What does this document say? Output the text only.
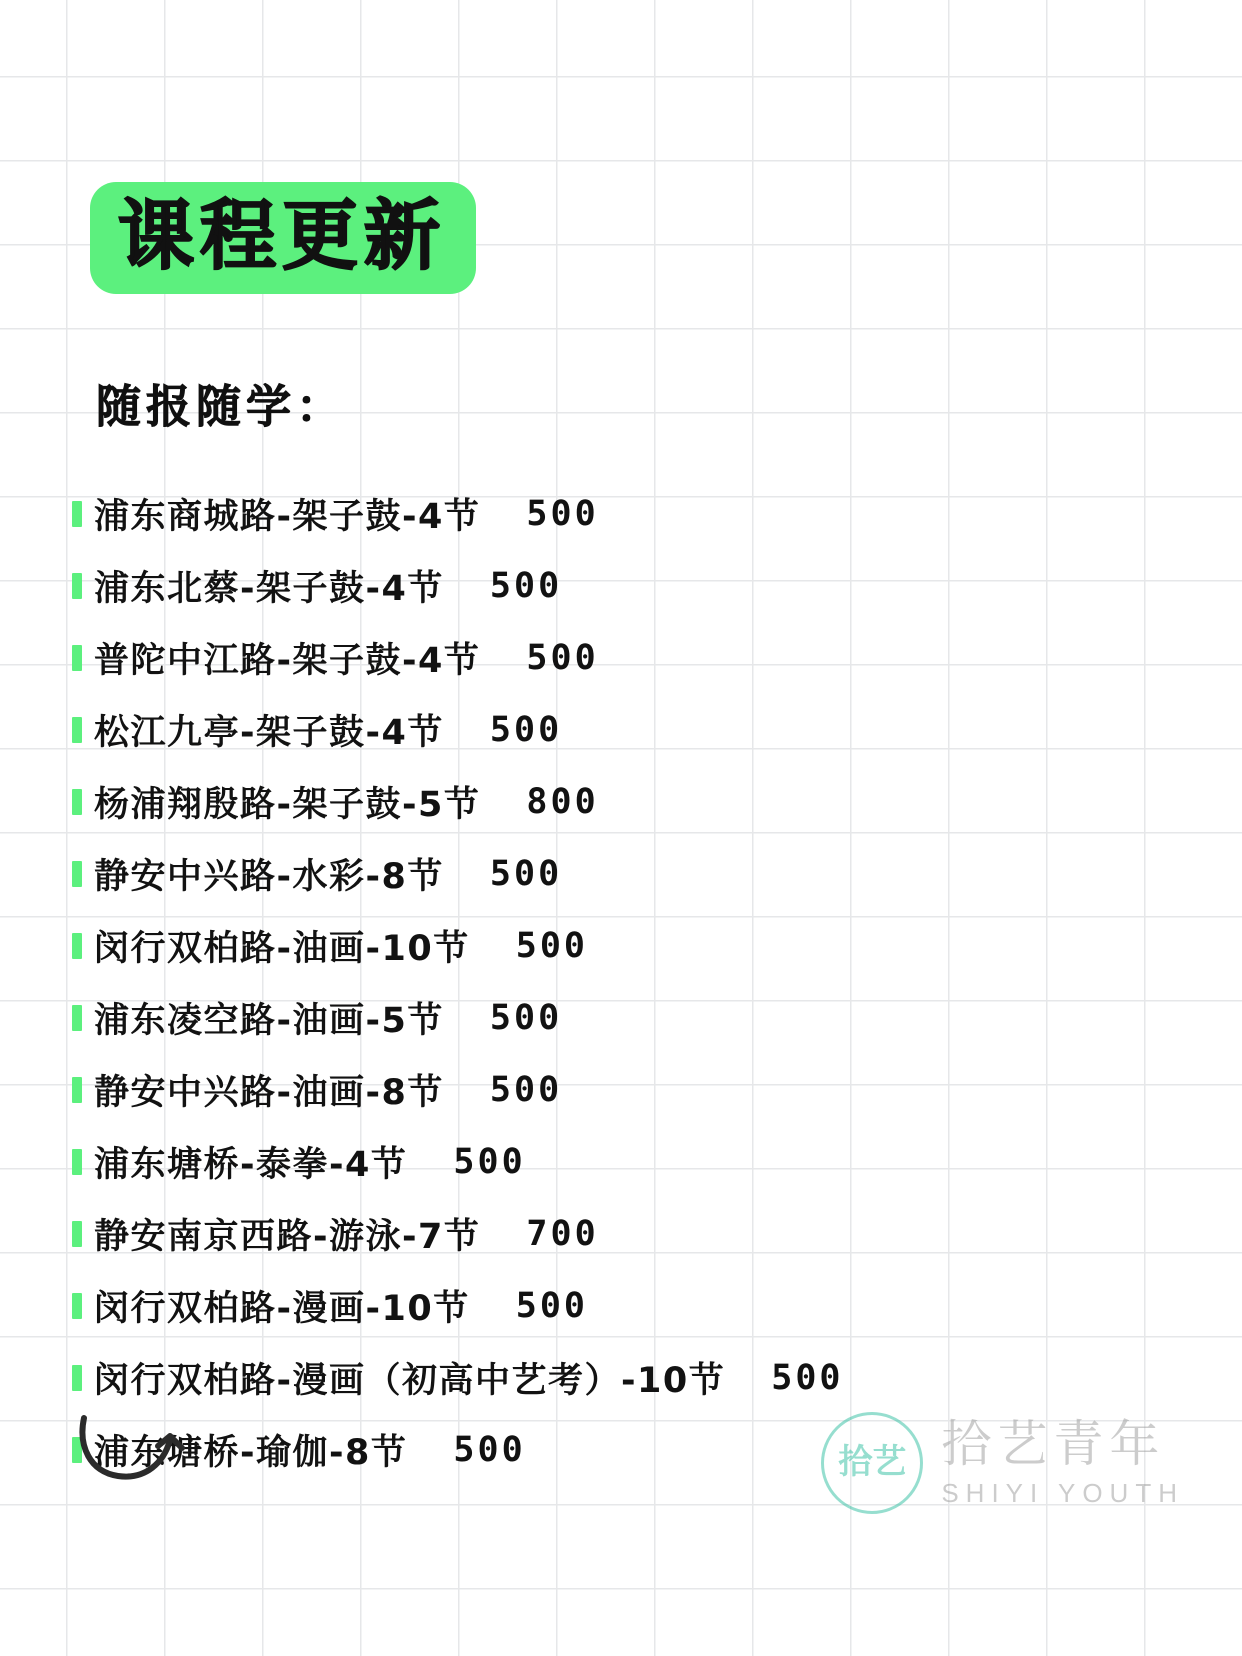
课程更新
随报随学：
浦东商城路-架子鼓-4节 500
浦东北蔡-架子鼓-4节 500
普陀中江路-架子鼓-4节 500
松江九亭-架子鼓-4节 500
杨浦翔殷路-架子鼓-5节 800
静安中兴路-水彩-8节 500
闵行双柏路-油画-10节 500
浦东凌空路-油画-5节 500
静安中兴路-油画-8节 500
浦东塘桥-泰拳-4节 500
静安南京西路-游泳-7节 700
闵行双柏路-漫画-10节 500
闵行双柏路-漫画（初高中艺考）-10节 500
浦东塘桥-瑜伽-8节 500	拾艺 拾艺青年
SHIYI YOUTH
